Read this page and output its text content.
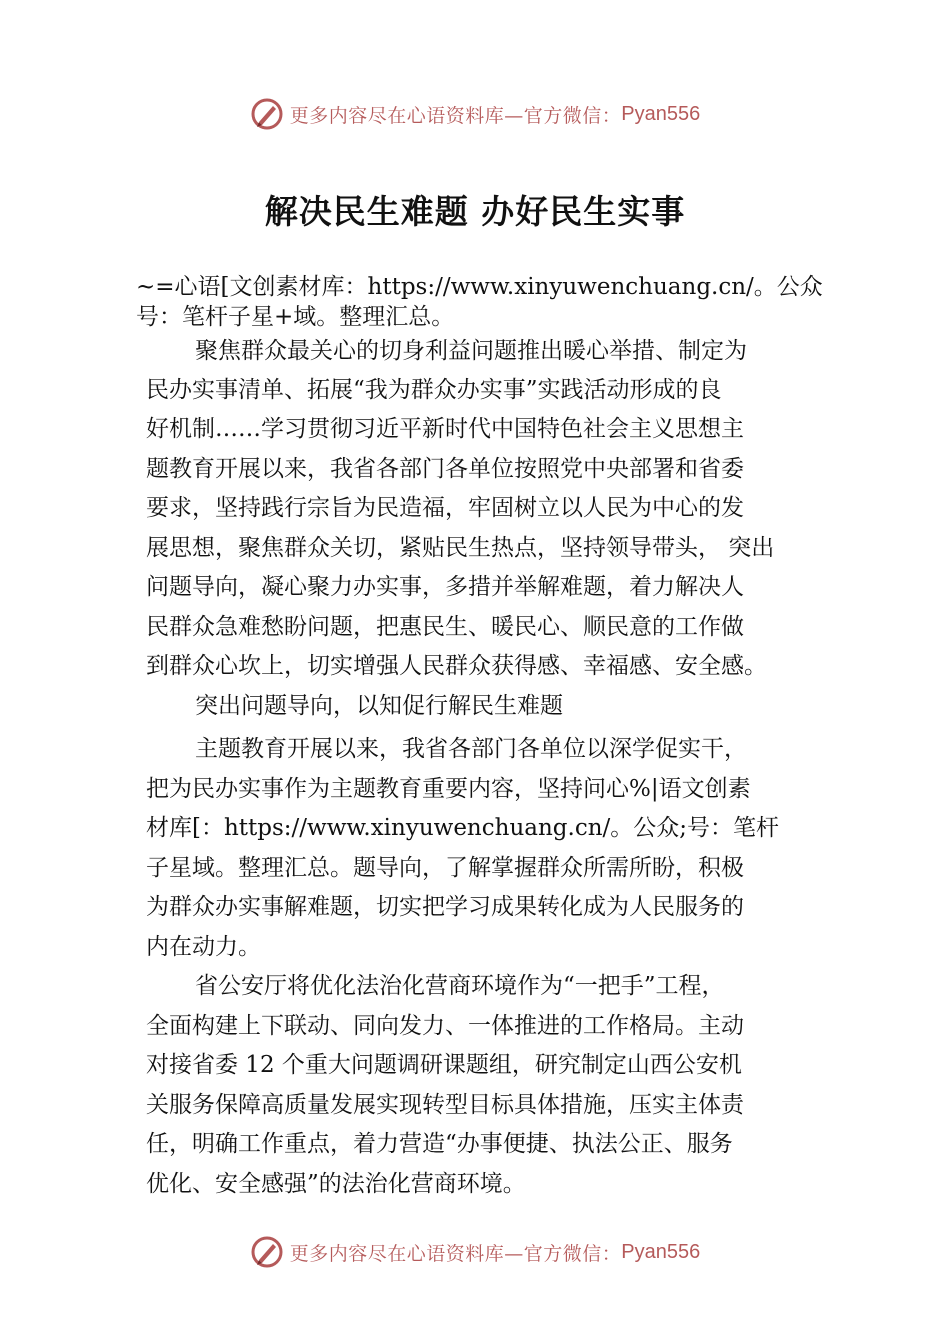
更多内容尽在心语资料库—官方微信： Pyan556
解决民生难题 办好民生实事
~=心语[文创素材库：https://www.xinyuwenchuang.cn/。公众
号：笔杆子星+域。整理汇总。
聚焦群众最关心的切身利益问题推出暖心举措、制定为
民办实事清单、拓展“我为群众办实事”实践活动形成的良
好机制……学习贯彻习近平新时代中国特色社会主义思想主
题教育开展以来，我省各部门各单位按照党中央部署和省委
要求，坚持践行宗旨为民造福，牢固树立以人民为中心的发
展思想，聚焦群众关切，紧贴民生热点，坚持领导带头， 突出
问题导向，凝心聚力办实事，多措并举解难题，着力解决人
民群众急难愁盼问题，把惠民生、暖民心、顺民意的工作做
到群众心坎上，切实增强人民群众获得感、幸福感、安全感。
突出问题导向，以知促行解民生难题
主题教育开展以来，我省各部门各单位以深学促实干，
把为民办实事作为主题教育重要内容，坚持问心%|语文创素
材库[：https://www.xinyuwenchuang.cn/。公众;号：笔杆
子星域。整理汇总。题导向，了解掌握群众所需所盼，积极
为群众办实事解难题，切实把学习成果转化成为人民服务的
内在动力。
省公安厅将优化法治化营商环境作为“一把手”工程，
全面构建上下联动、同向发力、一体推进的工作格局。主动
对接省委 12 个重大问题调研课题组，研究制定山西公安机
关服务保障高质量发展实现转型目标具体措施，压实主体责
任，明确工作重点，着力营造“办事便捷、执法公正、服务
优化、安全感强”的法治化营商环境。
更多内容尽在心语资料库—官方微信： Pyan556
